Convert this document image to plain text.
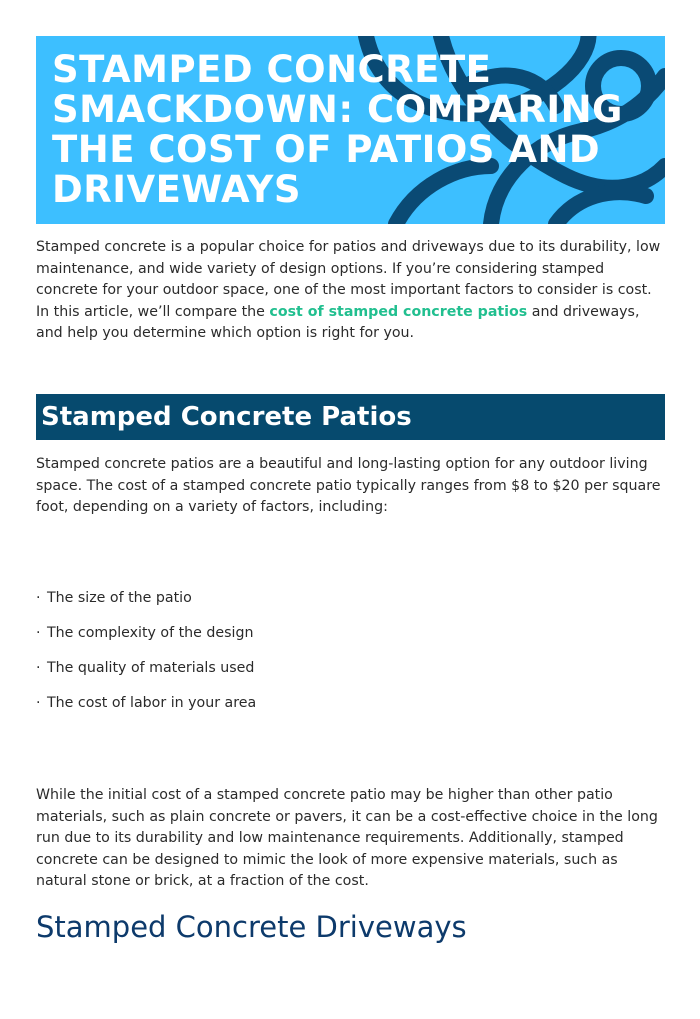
STAMPED CONCRETE SMACKDOWN: COMPARING THE COST OF PATIOS AND DRIVEWAYS

Stamped concrete is a popular choice for patios and driveways due to its durability, low maintenance, and wide variety of design options. If you’re considering stamped concrete for your outdoor space, one of the most important factors to consider is cost. In this article, we’ll compare the cost of stamped concrete patios and driveways, and help you determine which option is right for you.

Stamped Concrete Patios

Stamped concrete patios are a beautiful and long-lasting option for any outdoor living space. The cost of a stamped concrete patio typically ranges from $8 to $20 per square foot, depending on a variety of factors, including:

· The size of the patio
· The complexity of the design
· The quality of materials used
· The cost of labor in your area

While the initial cost of a stamped concrete patio may be higher than other patio materials, such as plain concrete or pavers, it can be a cost-effective choice in the long run due to its durability and low maintenance requirements. Additionally, stamped concrete can be designed to mimic the look of more expensive materials, such as natural stone or brick, at a fraction of the cost.

Stamped Concrete Driveways
